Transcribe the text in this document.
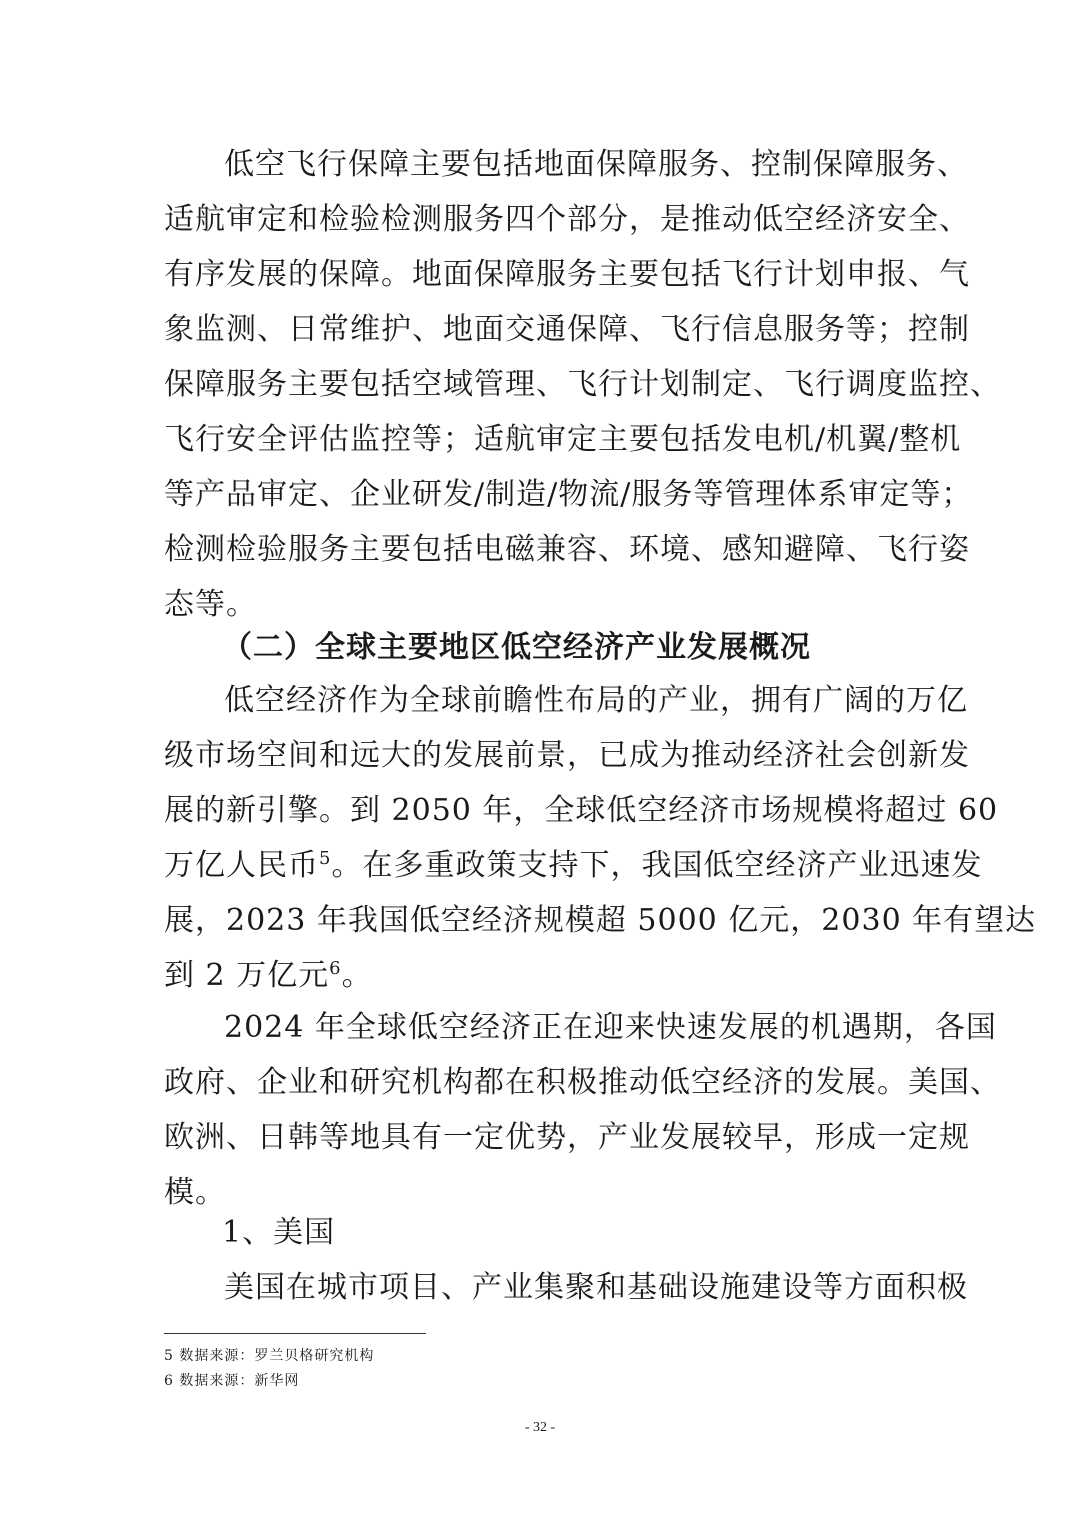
低空飞行保障主要包括地面保障服务、控制保障服务、
适航审定和检验检测服务四个部分，是推动低空经济安全、
有序发展的保障。地面保障服务主要包括飞行计划申报、气
象监测、日常维护、地面交通保障、飞行信息服务等；控制
保障服务主要包括空域管理、飞行计划制定、飞行调度监控、
飞行安全评估监控等；适航审定主要包括发电机/机翼/整机
等产品审定、企业研发/制造/物流/服务等管理体系审定等；
检测检验服务主要包括电磁兼容、环境、感知避障、飞行姿
态等。
（二）全球主要地区低空经济产业发展概况
低空经济作为全球前瞻性布局的产业，拥有广阔的万亿
级市场空间和远大的发展前景，已成为推动经济社会创新发
展的新引擎。到 2050 年，全球低空经济市场规模将超过 60
万亿人民币$^5$。在多重政策支持下，我国低空经济产业迅速发
展，2023 年我国低空经济规模超 5000 亿元，2030 年有望达
到 2 万亿元$^6$。
2024 年全球低空经济正在迎来快速发展的机遇期，各国
政府、企业和研究机构都在积极推动低空经济的发展。美国、
欧洲、日韩等地具有一定优势，产业发展较早，形成一定规
模。
1、美国
美国在城市项目、产业集聚和基础设施建设等方面积极
5 数据来源：罗兰贝格研究机构
6 数据来源：新华网
- 32 -
